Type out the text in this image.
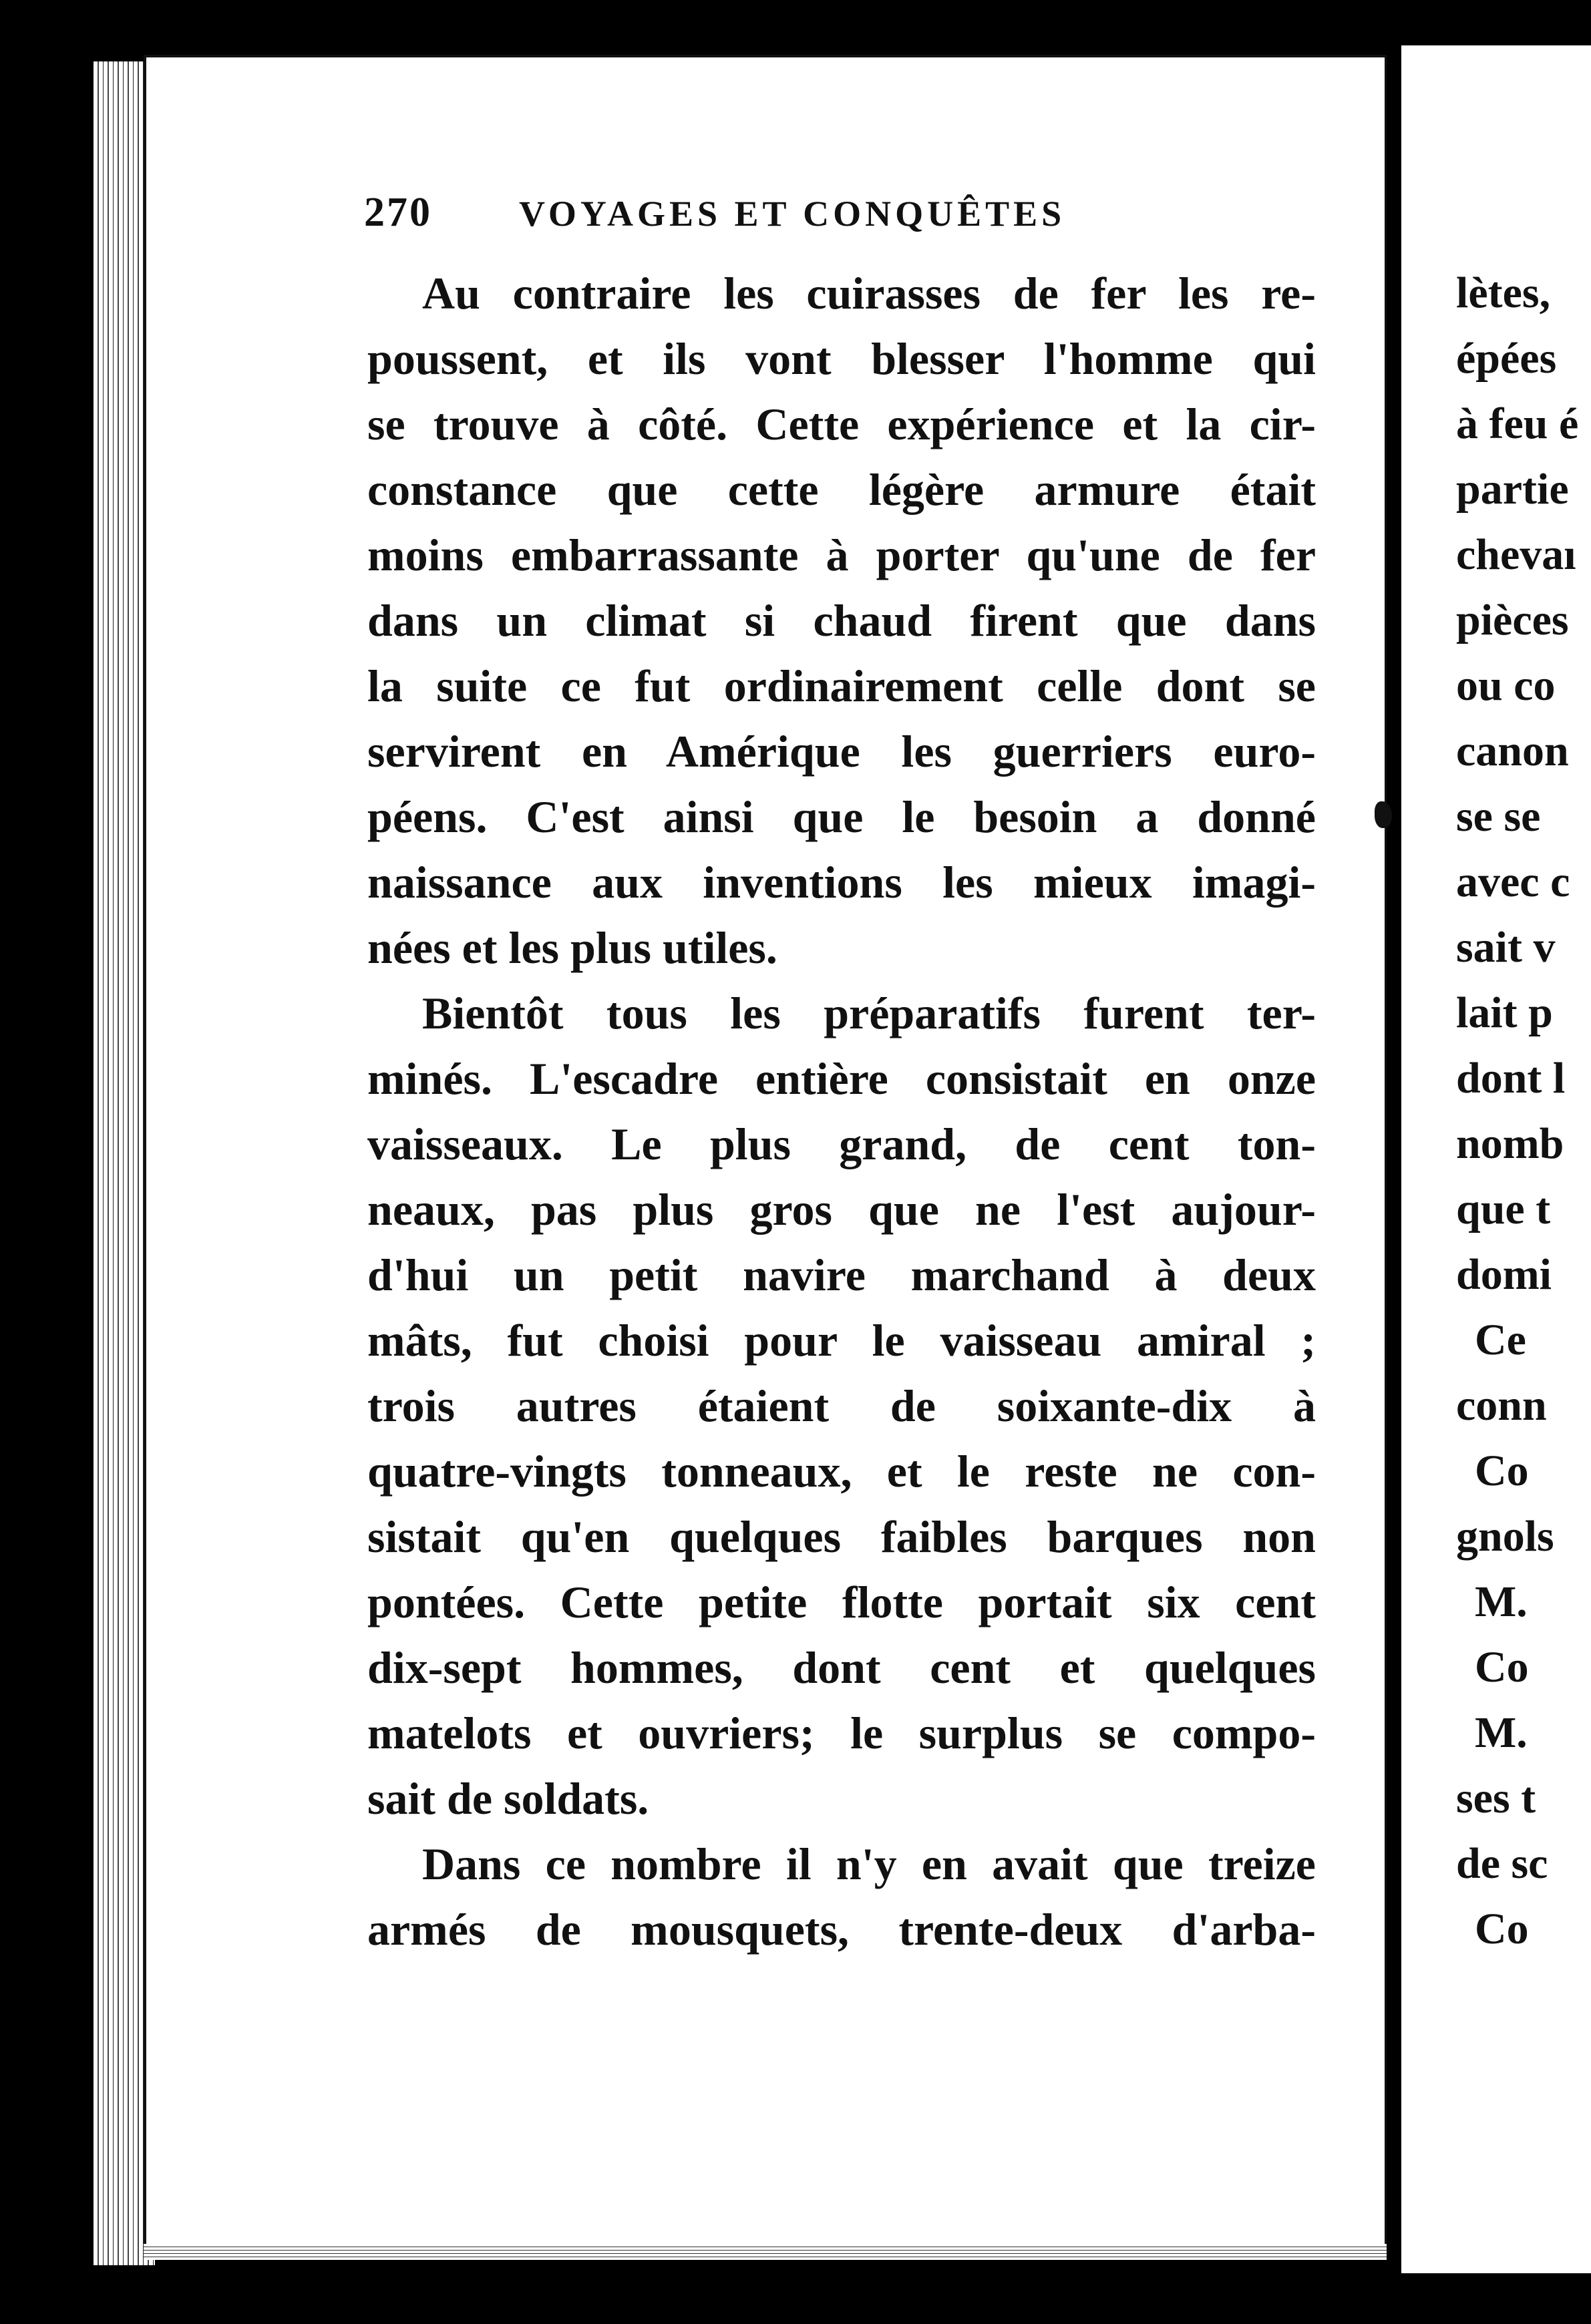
270 VOYAGES ET CONQUÊTES
Au contraire les cuirasses de fer les re-
poussent, et ils vont blesser l'homme qui
se trouve à côté. Cette expérience et la cir-
constance que cette légère armure était
moins embarrassante à porter qu'une de fer
dans un climat si chaud firent que dans
la suite ce fut ordinairement celle dont se
servirent en Amérique les guerriers euro-
péens. C'est ainsi que le besoin a donné
naissance aux inventions les mieux imagi-
nées et les plus utiles.
Bientôt tous les préparatifs furent ter-
minés. L'escadre entière consistait en onze
vaisseaux. Le plus grand, de cent ton-
neaux, pas plus gros que ne l'est aujour-
d'hui un petit navire marchand à deux
mâts, fut choisi pour le vaisseau amiral ;
trois autres étaient de soixante-dix à
quatre-vingts tonneaux, et le reste ne con-
sistait qu'en quelques faibles barques non
pontées. Cette petite flotte portait six cent
dix-sept hommes, dont cent et quelques
matelots et ouvriers; le surplus se compo-
sait de soldats.
Dans ce nombre il n'y en avait que treize
armés de mousquets, trente-deux d'arba-
lètes,
épées
à feu é
partie
chevaı
pièces
ou co
canon
se se
avec c
sait v
lait p
dont l
nomb
que t
domi
Ce
conn
Co
gnols
M.
Co
M.
ses t
de sc
Co
